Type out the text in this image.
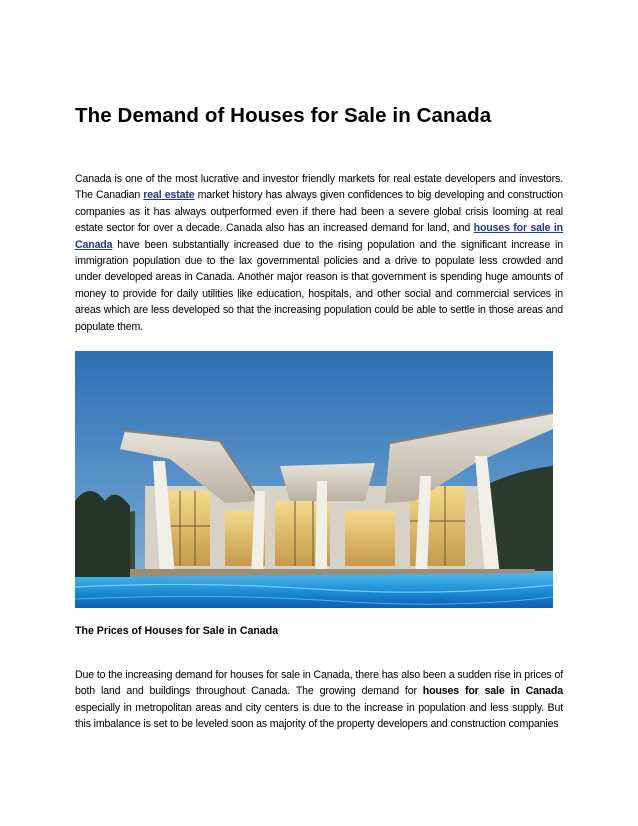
The Demand of Houses for Sale in Canada

Canada is one of the most lucrative and investor friendly markets for real estate developers and investors. The Canadian real estate market history has always given confidences to big developing and construction companies as it has always outperformed even if there had been a severe global crisis looming at real estate sector for over a decade. Canada also has an increased demand for land, and houses for sale in Canada have been substantially increased due to the rising population and the significant increase in immigration population due to the lax governmental policies and a drive to populate less crowded and under developed areas in Canada. Another major reason is that government is spending huge amounts of money to provide for daily utilities like education, hospitals, and other social and commercial services in areas which are less developed so that the increasing population could be able to settle in those areas and populate them.

The Prices of Houses for Sale in Canada

Due to the increasing demand for houses for sale in Canada, there has also been a sudden rise in prices of both land and buildings throughout Canada. The growing demand for houses for sale in Canada especially in metropolitan areas and city centers is due to the increase in population and less supply. But this imbalance is set to be leveled soon as majority of the property developers and construction companies
